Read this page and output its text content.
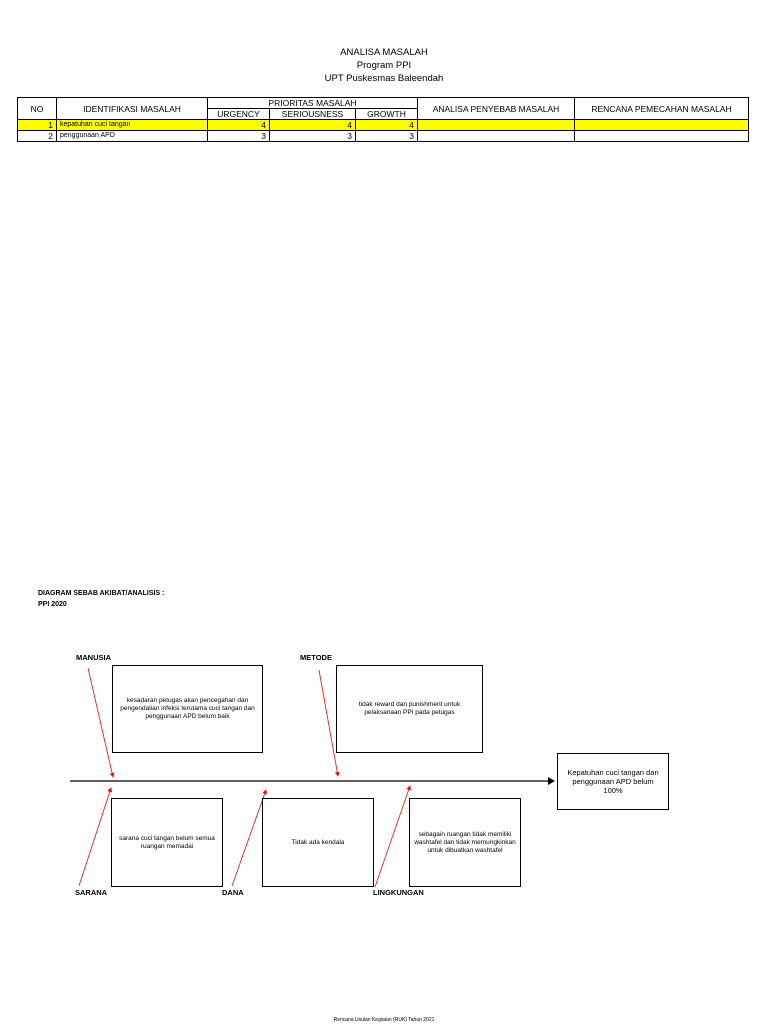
ANALISA MASALAH
Program PPI
UPT Puskesmas Baleendah
NO	IDENTIFIKASI MASALAH	PRIORITAS MASALAH			ANALISA PENYEBAB MASALAH	RENCANA PEMECAHAN MASALAH
		URGENCY	SERIOUSNESS	GROWTH		
1	kepatuhan cuci tangan	4	4	4		
2	penggunaan APD	3	3	3		
DIAGRAM SEBAB AKIBAT/ANALISIS :
PPI 2020
MANUSIA	METODE
SARANA	DANA	LINGKUNGAN
kesadaran petugas akan pencegahan dan pengendalian infeksi terutama cuci tangan dan penggunaan APD belum baik
tidak reward dan punishment untuk pelaksanaan PPI pada petugas
sarana cuci tangan belum semua ruangan memadai
Tidak ada kendala
sebagain ruangan tidak memiliki washtafel dan tidak memungkinkan untuk dibuatkan washtafel
Kepatuhan cuci tangan dan penggunaan APD belum 100%
Rencana Usulan Kegiatan (RUK) Tahun 2021
